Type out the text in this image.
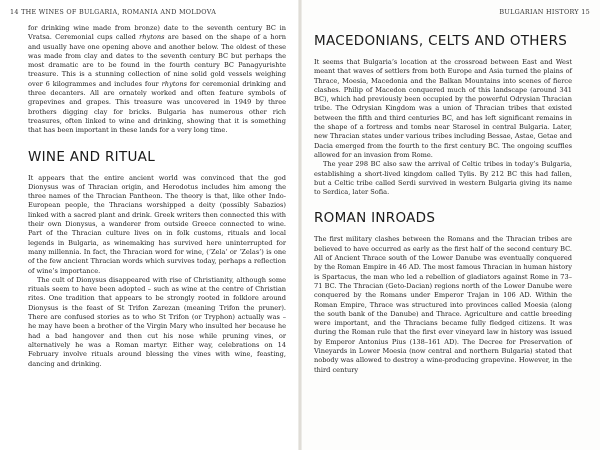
14 THE WINES OF BULGARIA, ROMANIA AND MOLDOVA

for drinking wine made from bronze) date to the seventh century BC in Vratsa. Ceremonial cups called rhytons are based on the shape of a horn and usually have one opening above and another below. The oldest of these was made from clay and dates to the seventh century BC but perhaps the most dramatic are to be found in the fourth century BC Panagyurishte treasure. This is a stunning collection of nine solid gold vessels weighing over 6 kilogrammes and includes four rhytons for ceremonial drinking and three decanters. All are ornately worked and often feature symbols of grapevines and grapes. This treasure was uncovered in 1949 by three brothers digging clay for bricks. Bulgaria has numerous other rich treasures, often linked to wine and drinking, showing that it is something that has been important in these lands for a very long time.

WINE AND RITUAL

It appears that the entire ancient world was convinced that the god Dionysus was of Thracian origin, and Herodotus includes him among the three names of the Thracian Pantheon. The theory is that, like other Indo-European people, the Thracians worshipped a deity (possibly Sabazios) linked with a sacred plant and drink. Greek writers then connected this with their own Dionysus, a wanderer from outside Greece connected to wine. Part of the Thracian culture lives on in folk customs, rituals and local legends in Bulgaria, as winemaking has survived here uninterrupted for many millennia. In fact, the Thracian word for wine, (‘Zela’ or ‘Zelas’) is one of the few ancient Thracian words which survives today, perhaps a reflection of wine’s importance.

The cult of Dionysus disappeared with rise of Christianity, although some rituals seem to have been adopted – such as wine at the centre of Christian rites. One tradition that appears to be strongly rooted in folklore around Dionysus is the feast of St Trifon Zarezan (meaning Trifon the pruner). There are confused stories as to who St Trifon (or Tryphon) actually was – he may have been a brother of the Virgin Mary who insulted her because he had a bad hangover and then cut his nose while pruning vines, or alternatively he was a Roman martyr. Either way, celebrations on 14 February involve rituals around blessing the vines with wine, feasting, dancing and drinking.

BULGARIAN HISTORY 15
MACEDONIANS, CELTS AND OTHERS

It seems that Bulgaria’s location at the crossroad between East and West meant that waves of settlers from both Europe and Asia turned the plains of Thrace, Moesia, Macedonia and the Balkan Mountains into scenes of fierce clashes. Philip of Macedon conquered much of this landscape (around 341 BC), which had previously been occupied by the powerful Odrysian Thracian tribe. The Odrysian Kingdom was a union of Thracian tribes that existed between the fifth and third centuries BC, and has left significant remains in the shape of a fortress and tombs near Starosel in central Bulgaria. Later, new Thracian states under various tribes including Bessae, Astae, Getae and Dacia emerged from the fourth to the first century BC. The ongoing scuffles allowed for an invasion from Rome.

The year 298 BC also saw the arrival of Celtic tribes in today’s Bulgaria, establishing a short-lived kingdom called Tylis. By 212 BC this had fallen, but a Celtic tribe called Serdi survived in western Bulgaria giving its name to Serdica, later Sofia.

ROMAN INROADS

The first military clashes between the Romans and the Thracian tribes are believed to have occurred as early as the first half of the second century BC. All of Ancient Thrace south of the Lower Danube was eventually conquered by the Roman Empire in 46 AD. The most famous Thracian in human history is Spartacus, the man who led a rebellion of gladiators against Rome in 73–71 BC. The Thracian (Geto-Dacian) regions north of the Lower Danube were conquered by the Romans under Emperor Trajan in 106 AD. Within the Roman Empire, Thrace was structured into provinces called Moesia (along the south bank of the Danube) and Thrace. Agriculture and cattle breeding were important, and the Thracians became fully fledged citizens. It was during the Roman rule that the first ever vineyard law in history was issued by Emperor Antonius Pius (138–161 AD). The Decree for Preservation of Vineyards in Lower Moesia (now central and northern Bulgaria) stated that nobody was allowed to destroy a wine-producing grapevine. However, in the third century
